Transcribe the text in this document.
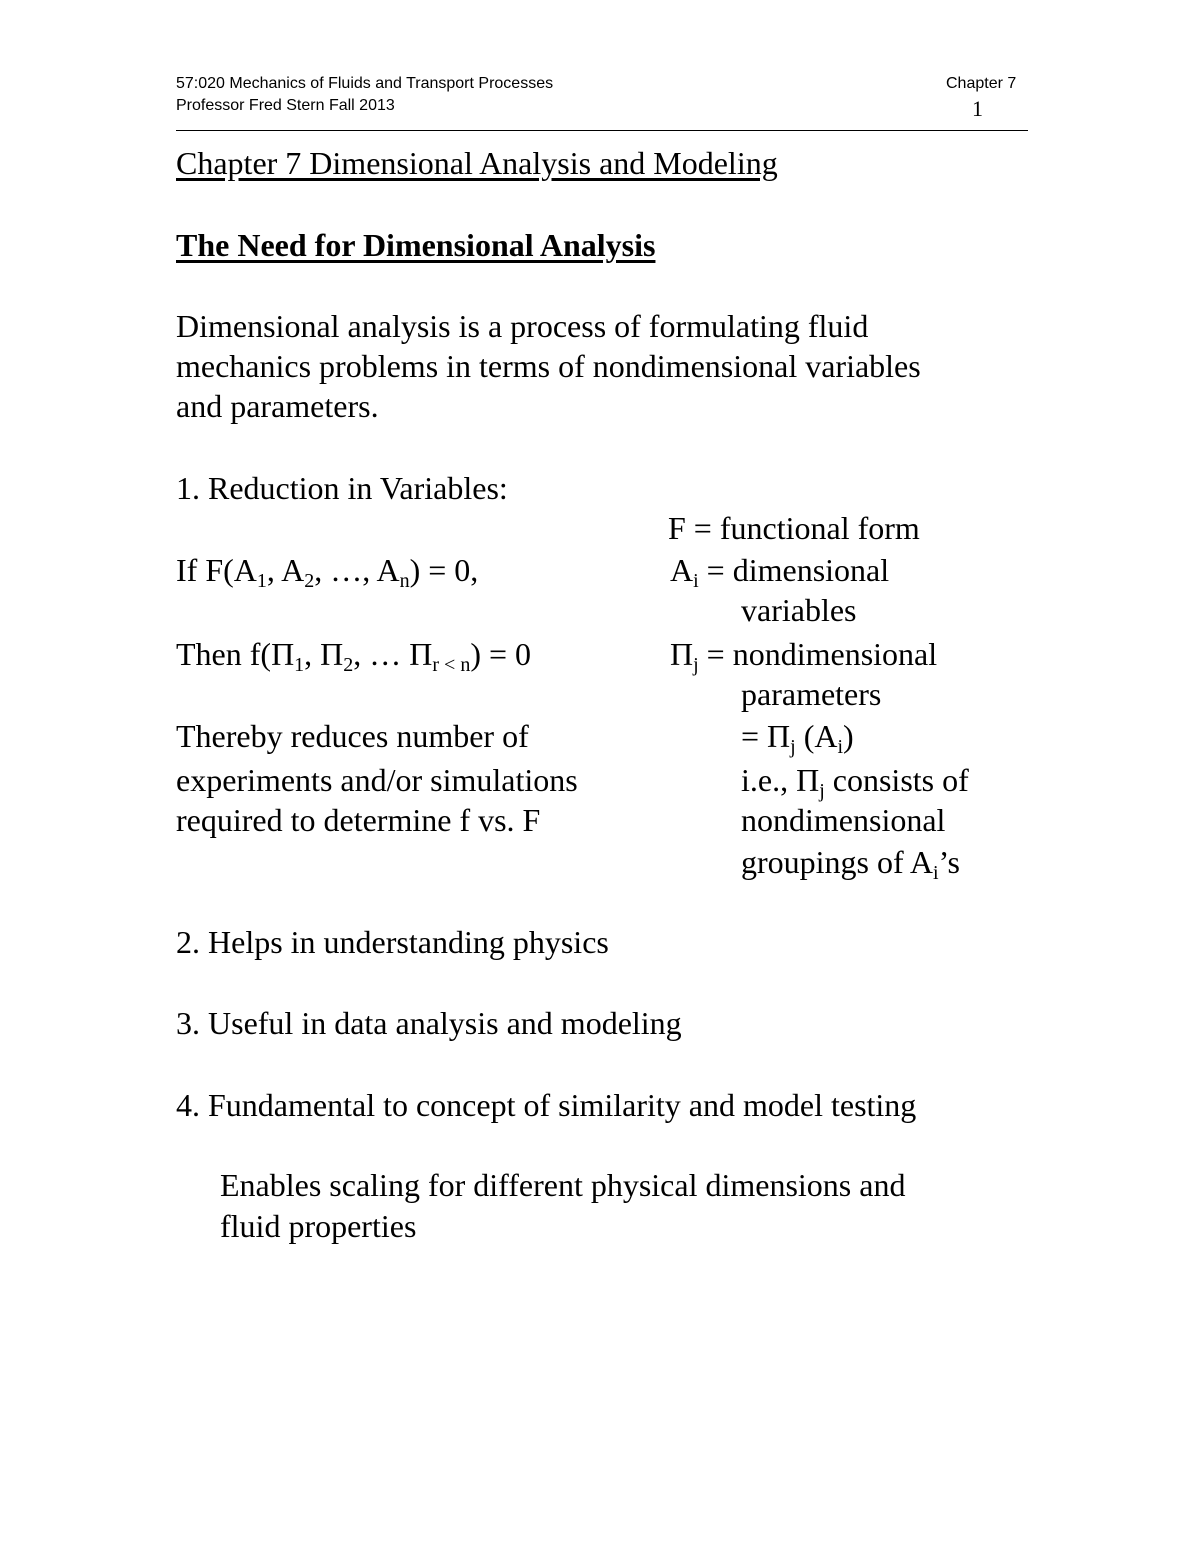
57:020 Mechanics of Fluids and Transport Processes
Professor Fred Stern Fall 2013
Chapter 7
1
Chapter 7 Dimensional Analysis and Modeling
The Need for Dimensional Analysis
Dimensional analysis is a process of formulating fluid
mechanics problems in terms of nondimensional variables
and parameters.
1. Reduction in Variables:
F = functional form
If $F(A_1$, $A_2$, …, $A_n) = 0$,	$A_i$ = dimensional
variables
Then $f(\Pi_1$, $\Pi_2$, … $\Pi_{r < n}) = 0$	$\Pi_j$ = nondimensional
parameters
Thereby reduces number of
experiments and/or simulations
required to determine f vs. F
= $\Pi_j$ $(A_i)$
i.e., $\Pi_j$ consists of
nondimensional
groupings of $A_i’s$
2. Helps in understanding physics
3. Useful in data analysis and modeling
4. Fundamental to concept of similarity and model testing
Enables scaling for different physical dimensions and
fluid properties
